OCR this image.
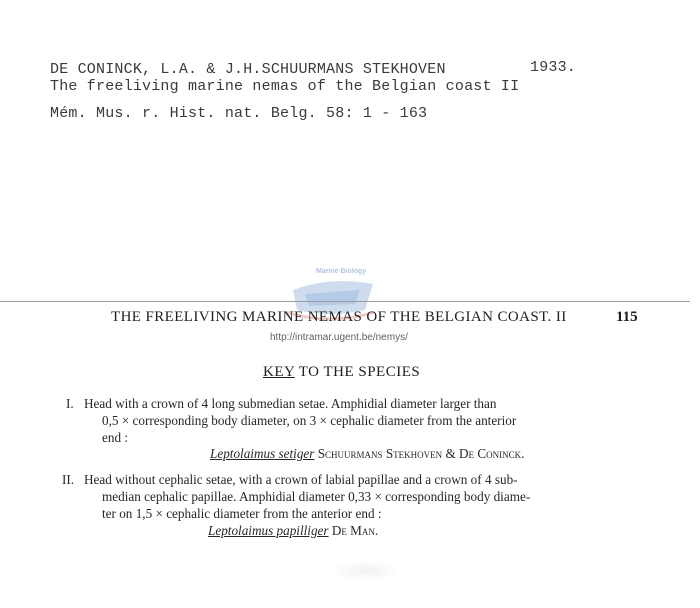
DE CONINCK, L.A. & J.H.SCHUURMANS STEKHOVEN	1933.
The freeliving marine nemas of the Belgian coast II
Mém. Mus. r. Hist. nat. Belg. 58: 1 - 163
Marine Biology
THE FREELIVING MARINE NEMAS OF THE BELGIAN COAST. II	115
http://intramar.ugent.be/nemys/
KEY TO THE SPECIES
I. Head with a crown of 4 long submedian setae. Amphidial diameter larger than
0,5 × corresponding body diameter, on 3 × cephalic diameter from the anterior
end :
Leptolaimus setiger Schuurmans Stekhoven & De Coninck.
II. Head without cephalic setae, with a crown of labial papillae and a crown of 4 sub-
median cephalic papillae. Amphidial diameter 0,33 × corresponding body diame-
ter on 1,5 × cephalic diameter from the anterior end :
Leptolaimus papilliger De Man.
